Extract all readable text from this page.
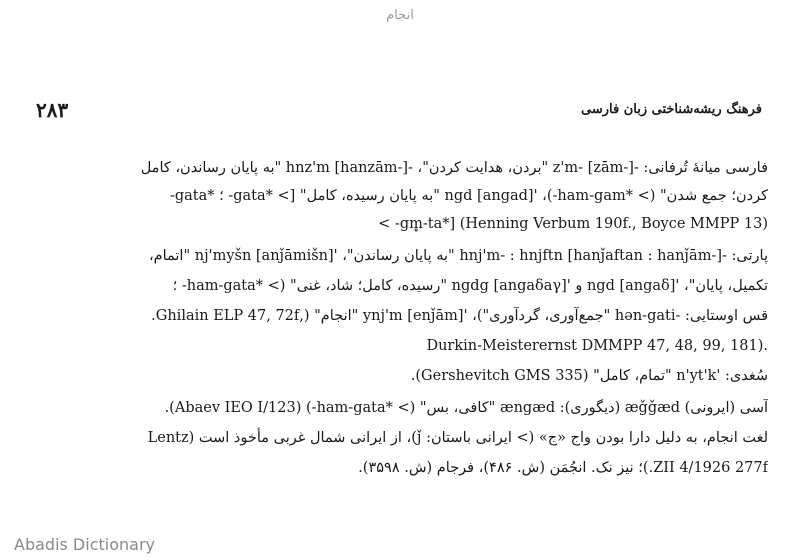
انجام
۲۸۳	فرهنگ ریشه‌شناختی زبان فارسی
فارسی میانهٔ تُرفانی: -z'm- [zām-] "بردن، هدایت کردن"، -hnz'm [hanzām-] "به پایان رساندن، کامل
کردن؛ جمع شدن" (> *ham-gam-)، 'ngd [angad] "به پایان رسیده، کامل" [> *gata- ؛ *gata-
(Henning Verbum 190f., Boyce MMPP 13) [*gm̥-ta- >
پارتی: -hnj'm- : hnjftn [hanǰaftan : hanǰām-] "به پایان رساندن"، 'nj'myšn [anǰāmišn] "اتمام،
تکمیل، پایان"، 'ngd [angaδ] و 'ngdg [angaδaγ] "رسیده، کامل؛ شاد، غنی" (> *ham-gata- ؛
قس اوستایی: -hən-gati "جمع‌آوری، گردآوری")، 'ynj'm [enǰām] "انجام" (,Ghilain ELP 47, 72f.
.(Durkin-Meisterernst DMMPP 47, 48, 99, 181
سُغدی: 'n'yt'k "تمام، کامل" (Gershevitch GMS 335).
آسی (ایرونی) æǧǧæd (دیگوری): ængæd "کافی، بس" (> *ham-gata-) (Abaev IEO I/123).
لغت انجام، به دلیل دارا بودن واج «ج» (> ایرانی باستان: ǰ)، از ایرانی شمال غربی مأخوذ است (Lentz
ZII 4/1926 277f.)؛ نیز نک. انجُمَن (ش. ۴۸۶)، فرجام (ش. ۳۵۹۸).
Abadis Dictionary
